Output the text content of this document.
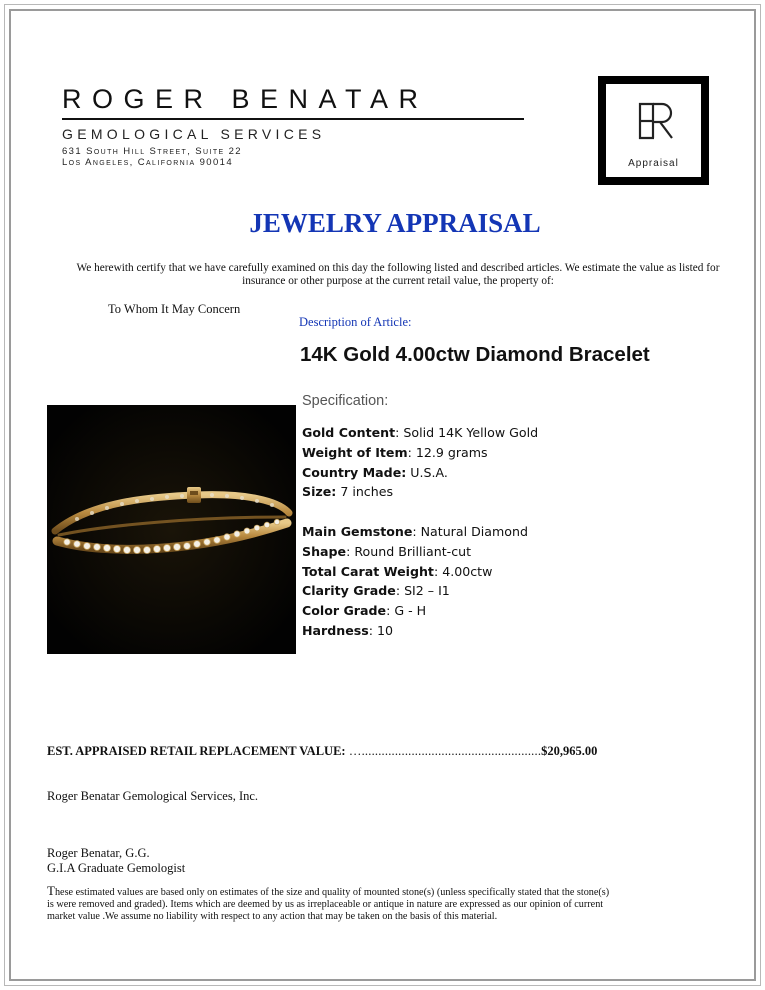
ROGER BENATAR
GEMOLOGICAL SERVICES
631 South Hill Street, Suite 22
Los Angeles, California 90014	Appraisal
JEWELRY APPRAISAL
We herewith certify that we have carefully examined on this day the following listed and described articles. We estimate the value as listed for insurance or other purpose at the current retail value, the property of:
To Whom It May Concern
Description of Article:
14K Gold 4.00ctw Diamond Bracelet
Specification:
Gold Content: Solid 14K Yellow Gold
Weight of Item: 12.9 grams
Country Made: U.S.A.
Size: 7 inches
Main Gemstone: Natural Diamond
Shape: Round Brilliant-cut
Total Carat Weight: 4.00ctw
Clarity Grade: SI2 – I1
Color Grade: G - H
Hardness: 10
EST. APPRAISED RETAIL REPLACEMENT VALUE: …......................................................$20,965.00
Roger Benatar Gemological Services, Inc.
Roger Benatar, G.G.
G.I.A Graduate Gemologist
These estimated values are based only on estimates of the size and quality of mounted stone(s) (unless specifically stated that the stone(s) is were removed and graded). Items which are deemed by us as irreplaceable or antique in nature are expressed as our opinion of current market value .We assume no liability with respect to any action that may be taken on the basis of this material.
